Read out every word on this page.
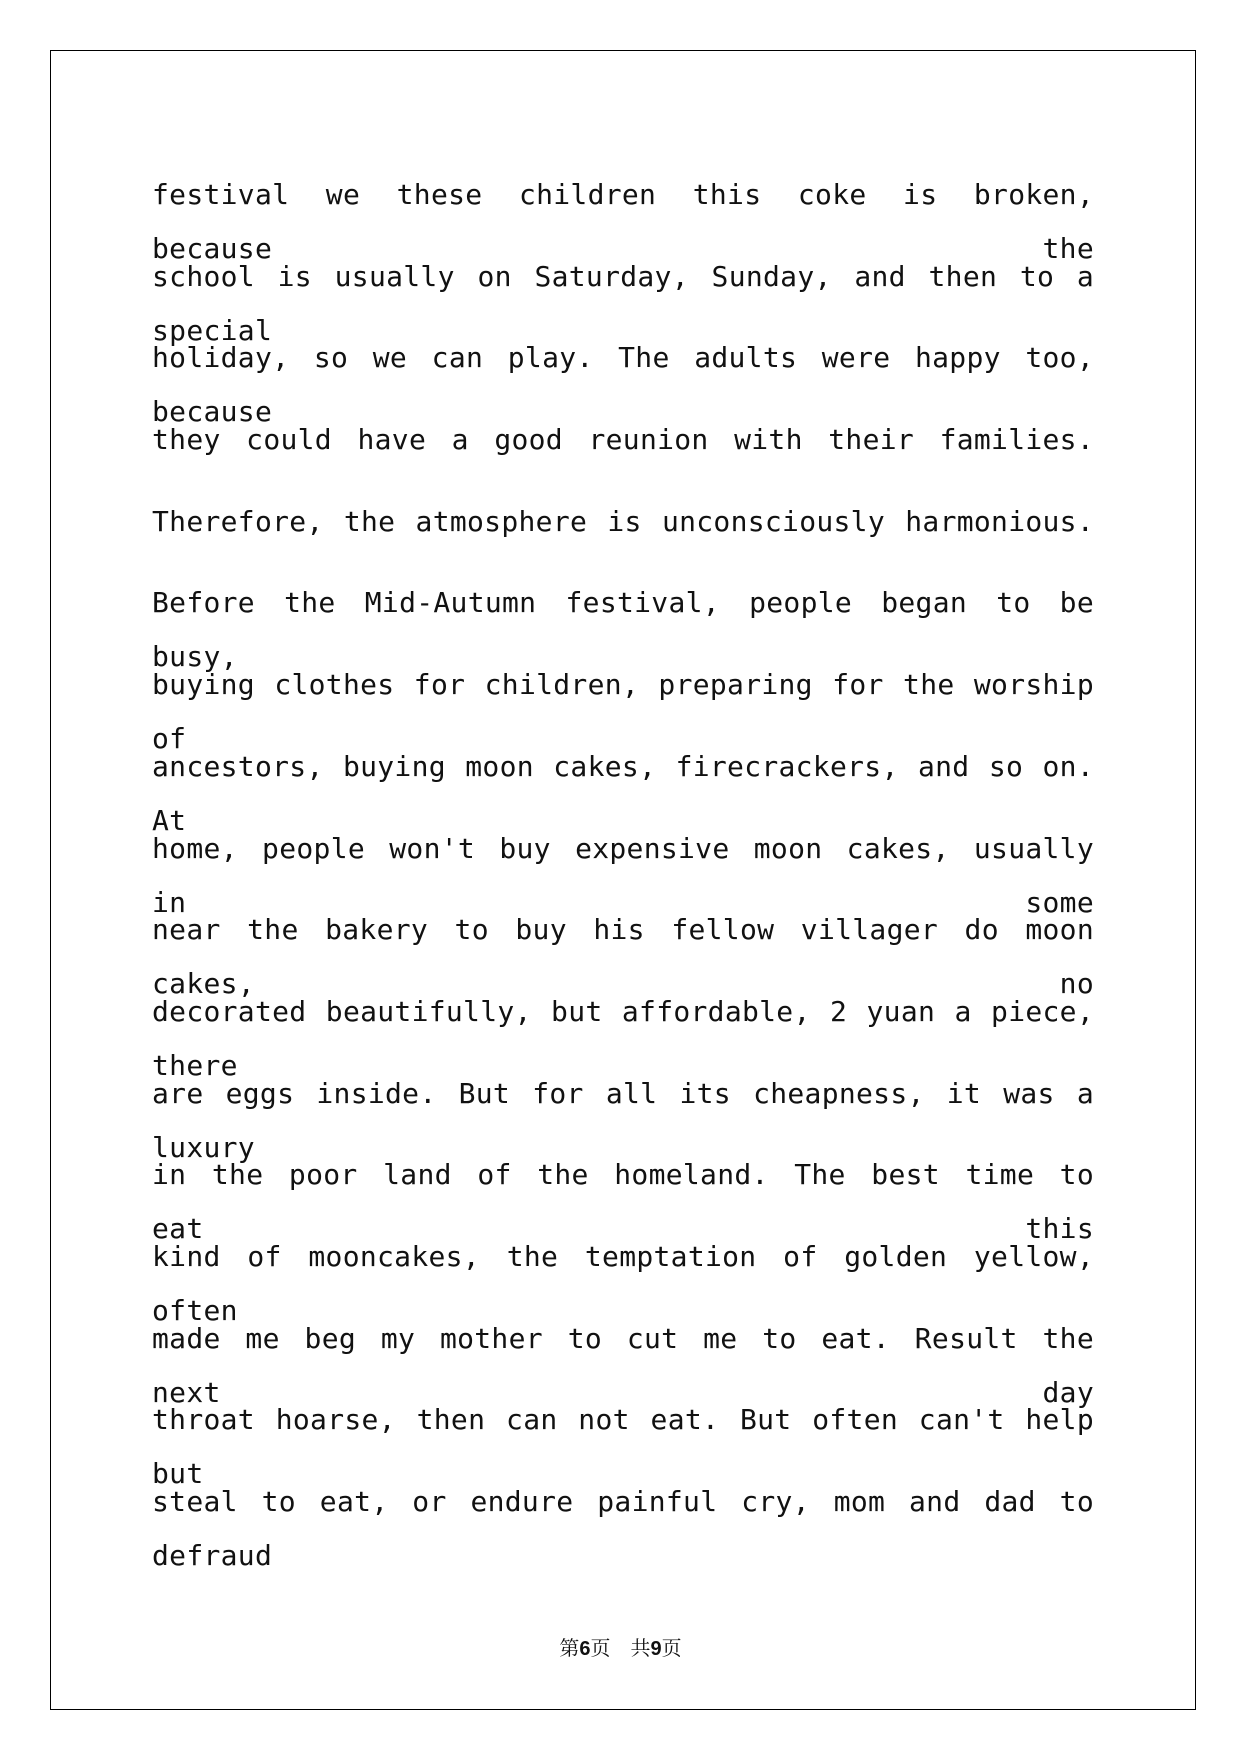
festival we these children this coke is broken, because the
school is usually on Saturday, Sunday, and then to a special
holiday, so we can play. The adults were happy too, because
they could have a good reunion with their families.
Therefore, the atmosphere is unconsciously harmonious.
Before the Mid-Autumn festival, people began to be busy,
buying clothes for children, preparing for the worship of
ancestors, buying moon cakes, firecrackers, and so on. At
home, people won't buy expensive moon cakes, usually in some
near the bakery to buy his fellow villager do moon cakes, no
decorated beautifully, but affordable, 2 yuan a piece, there
are eggs inside. But for all its cheapness, it was a luxury
in the poor land of the homeland. The best time to eat this
kind of mooncakes, the temptation of golden yellow, often
made me beg my mother to cut me to eat. Result the next day
throat hoarse, then can not eat. But often can't help but
steal to eat, or endure painful cry, mom and dad to defraud
第6页 共9页
